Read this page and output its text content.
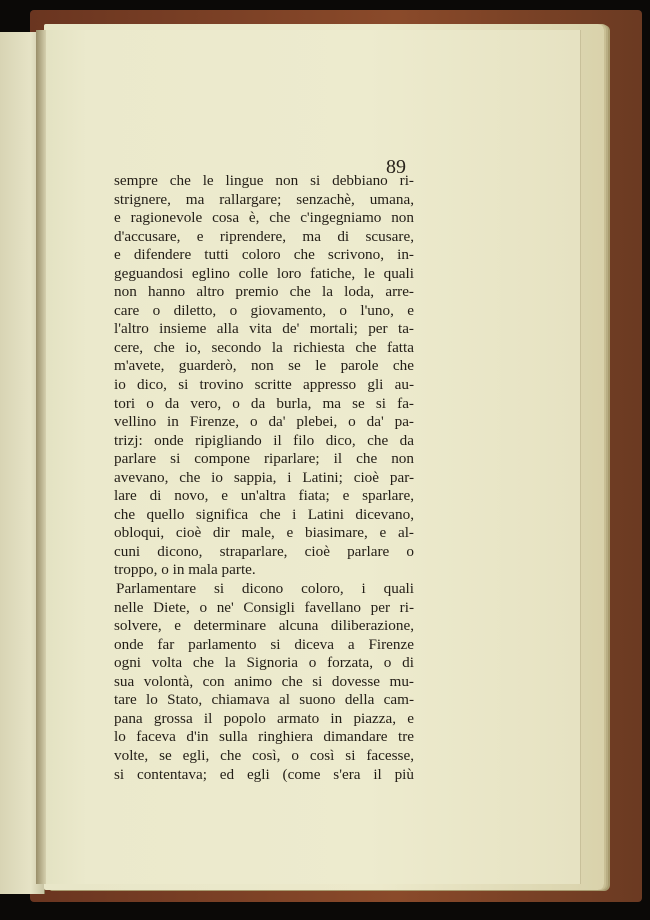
89
sempre che le lingue non si debbiano ri-
strignere, ma rallargare; senzachè, umana,
e ragionevole cosa è, che c'ingegniamo non
d'accusare, e riprendere, ma di scusare,
e difendere tutti coloro che scrivono, in-
geguandosi eglino colle loro fatiche, le quali
non hanno altro premio che la loda, arre-
care o diletto, o giovamento, o l'uno, e
l'altro insieme alla vita de' mortali; per ta-
cere, che io, secondo la richiesta che fatta
m'avete, guarderò, non se le parole che
io dico, si trovino scritte appresso gli au-
tori o da vero, o da burla, ma se si fa-
vellino in Firenze, o da' plebei, o da' pa-
trizj: onde ripigliando il filo dico, che da
parlare si compone riparlare; il che non
avevano, che io sappia, i Latini; cioè par-
lare di novo, e un'altra fiata; e sparlare,
che quello significa che i Latini dicevano,
obloqui, cioè dir male, e biasimare, e al-
cuni dicono, straparlare, cioè parlare o
troppo, o in mala parte.
Parlamentare si dicono coloro, i quali
nelle Diete, o ne' Consigli favellano per ri-
solvere, e determinare alcuna diliberazione,
onde far parlamento si diceva a Firenze
ogni volta che la Signoria o forzata, o di
sua volontà, con animo che si dovesse mu-
tare lo Stato, chiamava al suono della cam-
pana grossa il popolo armato in piazza, e
lo faceva d'in sulla ringhiera dimandare tre
volte, se egli, che così, o così si facesse,
si contentava; ed egli (come s'era il più
